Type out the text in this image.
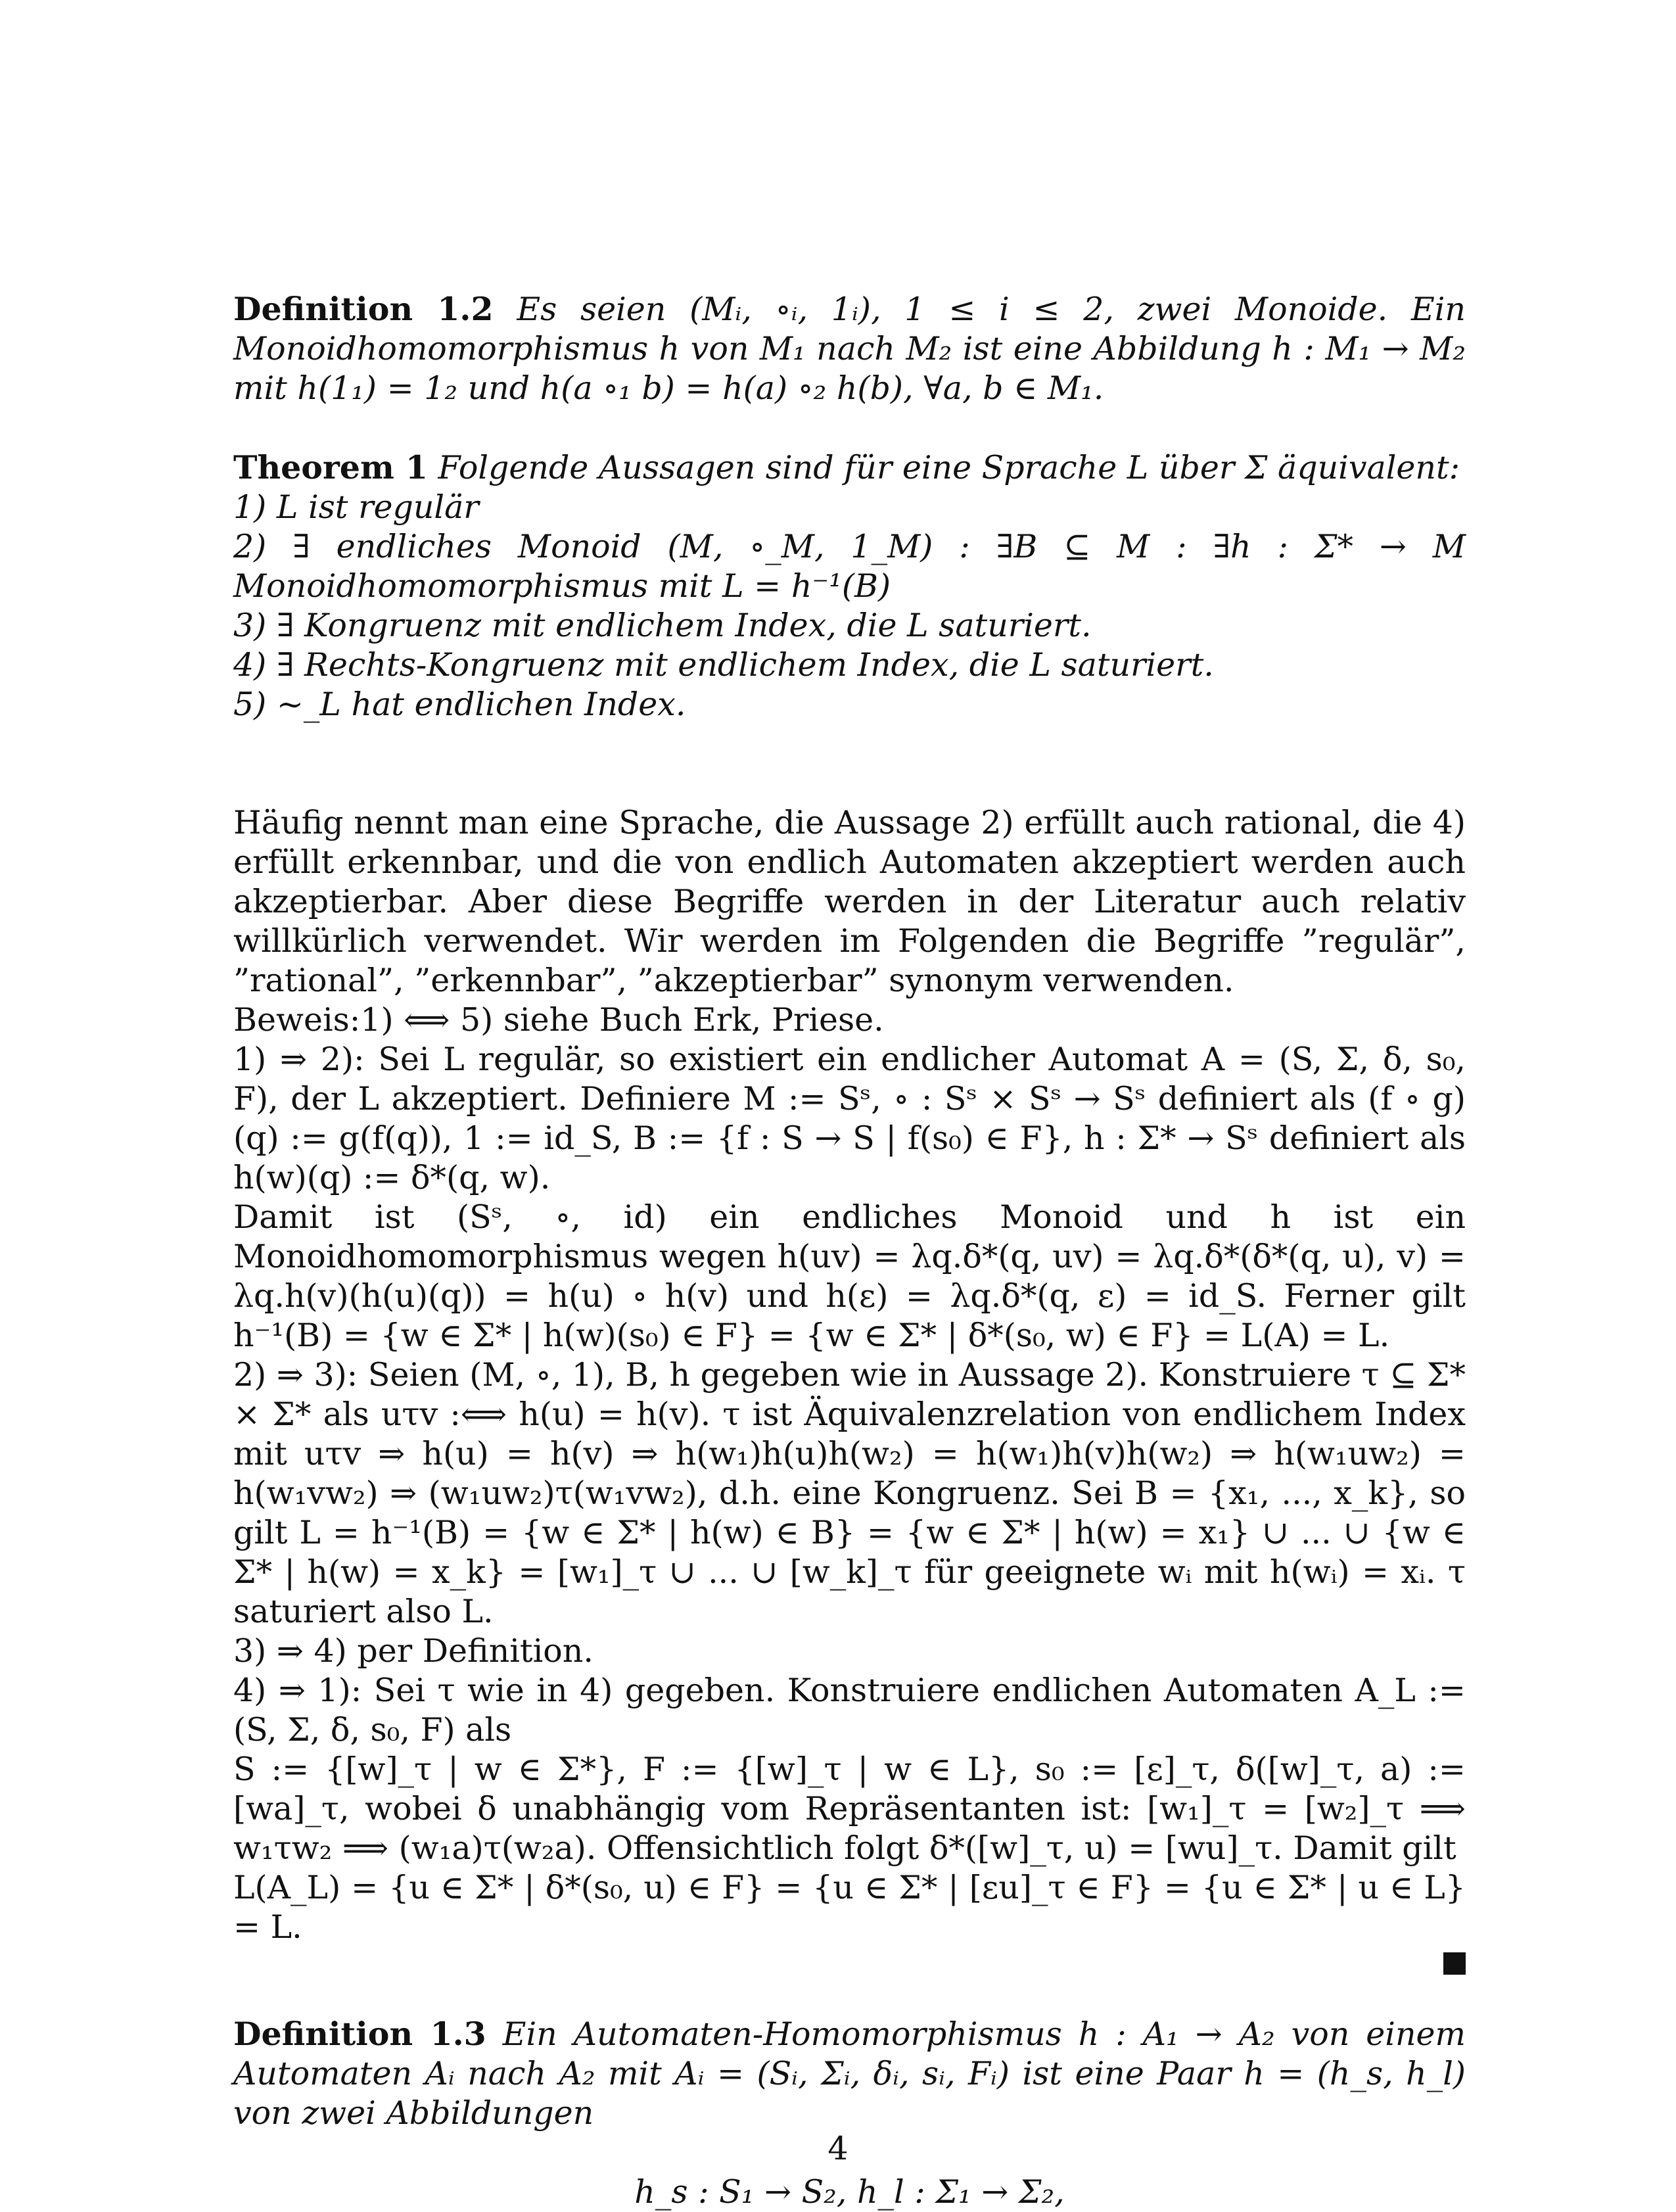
Definition 1.2 Es seien (Mᵢ, ∘ᵢ, 1ᵢ), 1 ≤ i ≤ 2, zwei Monoide. Ein Monoidhomomorphismus h von M₁ nach M₂ ist eine Abbildung h : M₁ → M₂ mit h(1₁) = 1₂ und h(a ∘₁ b) = h(a) ∘₂ h(b), ∀a, b ∈ M₁.

Theorem 1 Folgende Aussagen sind für eine Sprache L über Σ äquivalent:

1) L ist regulär
2) ∃ endliches Monoid (M, ∘_M, 1_M) : ∃B ⊆ M : ∃h : Σ* → M Monoidhomomorphismus mit L = h⁻¹(B)
3) ∃ Kongruenz mit endlichem Index, die L saturiert.
4) ∃ Rechts-Kongruenz mit endlichem Index, die L saturiert.
5) ∼_L hat endlichen Index.

Häufig nennt man eine Sprache, die Aussage 2) erfüllt auch rational, die 4) erfüllt erkennbar, und die von endlich Automaten akzeptiert werden auch akzeptierbar. Aber diese Begriffe werden in der Literatur auch relativ willkürlich verwendet. Wir werden im Folgenden die Begriffe ”regulär”, ”rational”, ”erkennbar”, ”akzeptierbar” synonym verwenden.

Beweis:1) ⟺ 5) siehe Buch Erk, Priese.

1) ⇒ 2): Sei L regulär, so existiert ein endlicher Automat A = (S, Σ, δ, s₀, F), der L akzeptiert. Definiere M := Sˢ, ∘ : Sˢ × Sˢ → Sˢ definiert als (f ∘ g)(q) := g(f(q)), 1 := id_S, B := {f : S → S | f(s₀) ∈ F}, h : Σ* → Sˢ definiert als h(w)(q) := δ*(q, w).

Damit ist (Sˢ, ∘, id) ein endliches Monoid und h ist ein Monoidhomomorphismus wegen h(uv) = λq.δ*(q, uv) = λq.δ*(δ*(q, u), v) = λq.h(v)(h(u)(q)) = h(u) ∘ h(v) und h(ε) = λq.δ*(q, ε) = id_S. Ferner gilt h⁻¹(B) = {w ∈ Σ* | h(w)(s₀) ∈ F} = {w ∈ Σ* | δ*(s₀, w) ∈ F} = L(A) = L.

2) ⇒ 3): Seien (M, ∘, 1), B, h gegeben wie in Aussage 2). Konstruiere τ ⊆ Σ* × Σ* als uτv :⟺ h(u) = h(v). τ ist Äquivalenzrelation von endlichem Index mit uτv ⇒ h(u) = h(v) ⇒ h(w₁)h(u)h(w₂) = h(w₁)h(v)h(w₂) ⇒ h(w₁uw₂) = h(w₁vw₂) ⇒ (w₁uw₂)τ(w₁vw₂), d.h. eine Kongruenz. Sei B = {x₁, ..., x_k}, so gilt L = h⁻¹(B) = {w ∈ Σ* | h(w) ∈ B} = {w ∈ Σ* | h(w) = x₁} ∪ ... ∪ {w ∈ Σ* | h(w) = x_k} = [w₁]_τ ∪ ... ∪ [w_k]_τ für geeignete wᵢ mit h(wᵢ) = xᵢ. τ saturiert also L.

3) ⇒ 4) per Definition.

4) ⇒ 1): Sei τ wie in 4) gegeben. Konstruiere endlichen Automaten A_L := (S, Σ, δ, s₀, F) als

S := {[w]_τ | w ∈ Σ*}, F := {[w]_τ | w ∈ L}, s₀ := [ε]_τ, δ([w]_τ, a) := [wa]_τ, wobei δ unabhängig vom Repräsentanten ist: [w₁]_τ = [w₂]_τ ⟹ w₁τw₂ ⟹ (w₁a)τ(w₂a). Offensichtlich folgt δ*([w]_τ, u) = [wu]_τ. Damit gilt

L(A_L) = {u ∈ Σ* | δ*(s₀, u) ∈ F} = {u ∈ Σ* | [εu]_τ ∈ F} = {u ∈ Σ* | u ∈ L} = L.

Definition 1.3 Ein Automaten-Homomorphismus h : A₁ → A₂ von einem Automaten Aᵢ nach A₂ mit Aᵢ = (Sᵢ, Σᵢ, δᵢ, sᵢ, Fᵢ) ist eine Paar h = (h_s, h_l) von zwei Abbildungen

h_s : S₁ → S₂, h_l : Σ₁ → Σ₂,
4
